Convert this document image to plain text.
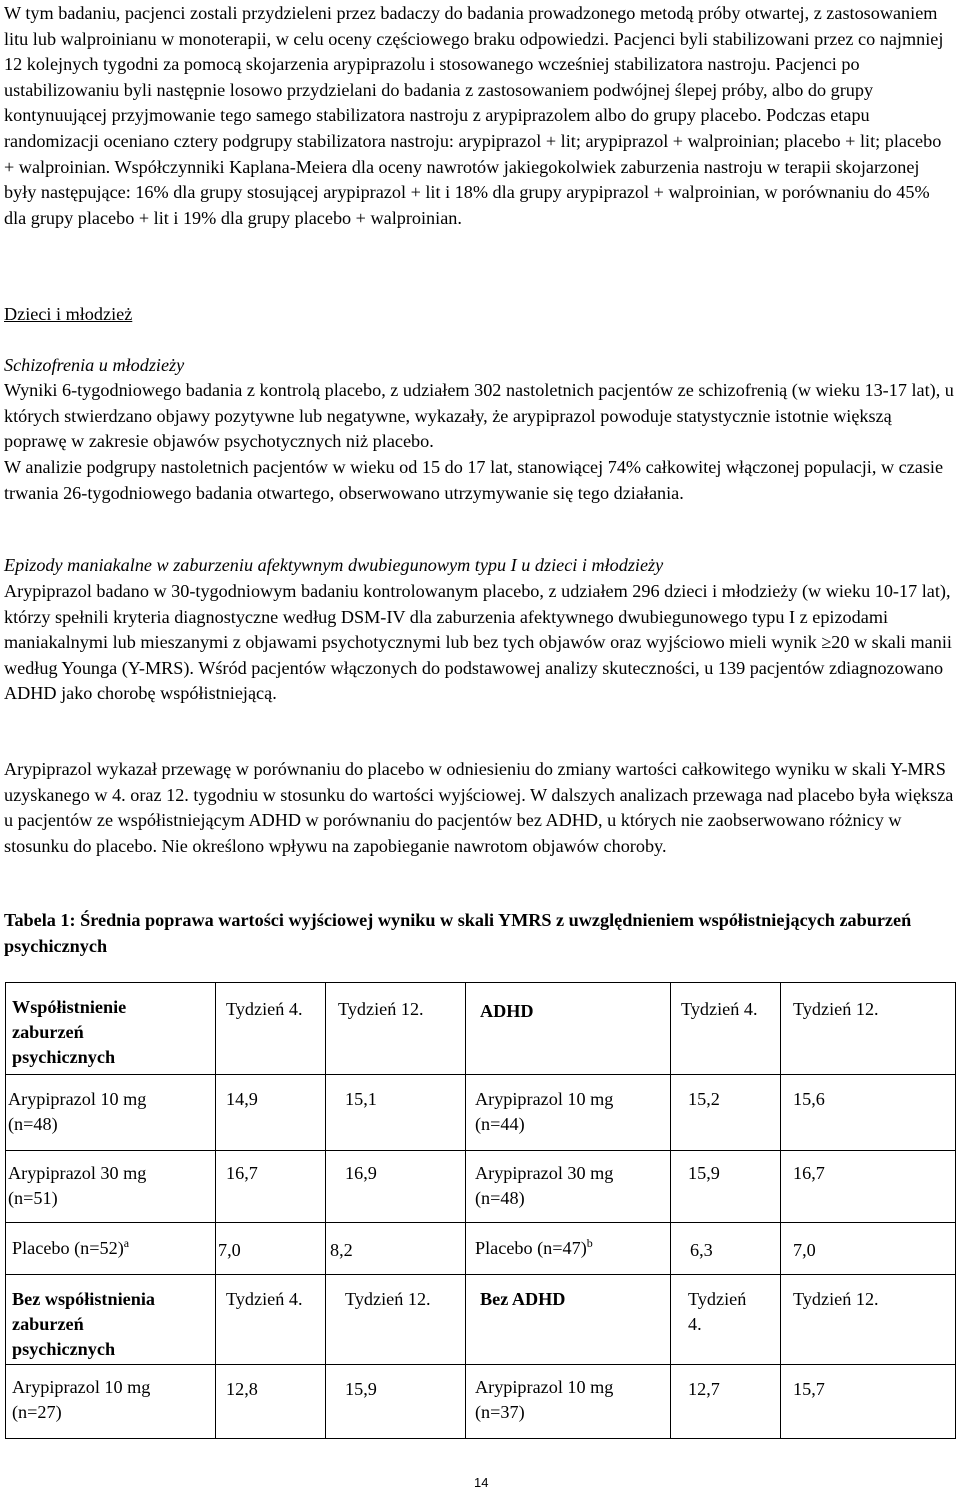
W tym badaniu, pacjenci zostali przydzieleni przez badaczy do badania prowadzonego metodą próby otwartej, z zastosowaniem litu lub walproinianu w monoterapii, w celu oceny częściowego braku odpowiedzi. Pacjenci byli stabilizowani przez co najmniej 12 kolejnych tygodni za pomocą skojarzenia arypiprazolu i stosowanego wcześniej stabilizatora nastroju. Pacjenci po ustabilizowaniu byli następnie losowo przydzielani do badania z zastosowaniem podwójnej ślepej próby, albo do grupy kontynuującej przyjmowanie tego samego stabilizatora nastroju z arypiprazolem albo do grupy placebo. Podczas etapu randomizacji oceniano cztery podgrupy stabilizatora nastroju: arypiprazol + lit; arypiprazol + walproinian; placebo + lit; placebo + walproinian. Współczynniki Kaplana-Meiera dla oceny nawrotów jakiegokolwiek zaburzenia nastroju w terapii skojarzonej były następujące: 16% dla grupy stosującej arypiprazol + lit i 18% dla grupy arypiprazol + walproinian, w porównaniu do 45% dla grupy placebo + lit i 19% dla grupy placebo + walproinian.

Dzieci i młodzież

Schizofrenia u młodzieży

Wyniki 6-tygodniowego badania z kontrolą placebo, z udziałem 302 nastoletnich pacjentów ze schizofrenią (w wieku 13-17 lat), u których stwierdzano objawy pozytywne lub negatywne, wykazały, że arypiprazol powoduje statystycznie istotnie większą poprawę w zakresie objawów psychotycznych niż placebo.

W analizie podgrupy nastoletnich pacjentów w wieku od 15 do 17 lat, stanowiącej 74% całkowitej włączonej populacji, w czasie trwania 26-tygodniowego badania otwartego, obserwowano utrzymywanie się tego działania.

Epizody maniakalne w zaburzeniu afektywnym dwubiegunowym typu I u dzieci i młodzieży

Arypiprazol badano w 30-tygodniowym badaniu kontrolowanym placebo, z udziałem 296 dzieci i młodzieży (w wieku 10-17 lat), którzy spełnili kryteria diagnostyczne według DSM-IV dla zaburzenia afektywnego dwubiegunowego typu I z epizodami maniakalnymi lub mieszanymi z objawami psychotycznymi lub bez tych objawów oraz wyjściowo mieli wynik ≥20 w skali manii według Younga (Y-MRS). Wśród pacjentów włączonych do podstawowej analizy skuteczności, u 139 pacjentów zdiagnozowano ADHD jako chorobę współistniejącą.

Arypiprazol wykazał przewagę w porównaniu do placebo w odniesieniu do zmiany wartości całkowitego wyniku w skali Y-MRS uzyskanego w 4. oraz 12. tygodniu w stosunku do wartości wyjściowej. W dalszych analizach przewaga nad placebo była większa u pacjentów ze współistniejącym ADHD w porównaniu do pacjentów bez ADHD, u których nie zaobserwowano różnicy w stosunku do placebo. Nie określono wpływu na zapobieganie nawrotom objawów choroby.

Tabela 1: Średnia poprawa wartości wyjściowej wyniku w skali YMRS z uwzględnieniem współistniejących zaburzeń psychicznych

Współistnienie
zaburzeń
psychicznych	Tydzień 4.	Tydzień 12.	ADHD	Tydzień 4.	Tydzień 12.

Arypiprazol 10 mg
(n=48)	14,9	15,1	Arypiprazol 10 mg
(n=44)	15,2	15,6

Arypiprazol 30 mg
(n=51)	16,7	16,9	Arypiprazol 30 mg
(n=48)	15,9	16,7

Placebo (n=52)$^a$	7,0	8,2	Placebo (n=47)$^b$	6,3	7,0

Bez współistnienia
zaburzeń
psychicznych	Tydzień 4.	Tydzień 12.	Bez ADHD	Tydzień
4.	Tydzień 12.

Arypiprazol 10 mg
(n=27)	12,8	15,9	Arypiprazol 10 mg
(n=37)	12,7	15,7
14
